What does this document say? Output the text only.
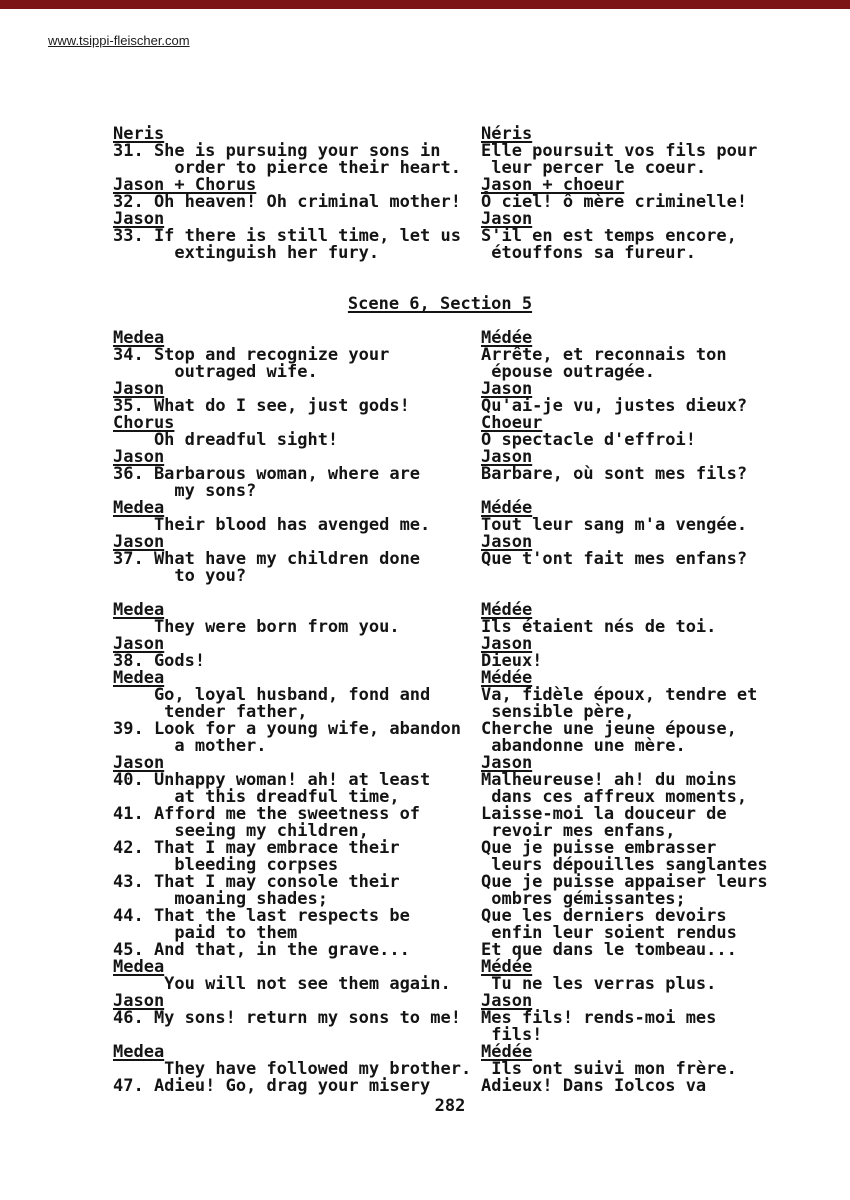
www.tsippi-fleischer.com
Neris
31. She is pursuing your sons in
order to pierce their heart.
Néris
Elle poursuit vos fils pour
leur percer le coeur.
Jason + Chorus
32. Oh heaven! Oh criminal mother!
Jason + choeur
Ô ciel! ô mère criminelle!
Jason
33. If there is still time, let us
extinguish her fury.
Jason
S'il en est temps encore,
étouffons sa fureur.
Scene 6, Section 5
Medea
34. Stop and recognize your
outraged wife.
Médée
Arrête, et reconnais ton
épouse outragée.
Jason
35. What do I see, just gods!
Jason
Qu'ai-je vu, justes dieux?
Chorus
Oh dreadful sight!
Choeur
O spectacle d'effroi!
Jason
36. Barbarous woman, where are
my sons?
Jason
Barbare, où sont mes fils?
Medea
Their blood has avenged me.
Médée
Tout leur sang m'a vengée.
Jason
37. What have my children done
to you?
Jason
Que t'ont fait mes enfans?
Medea
They were born from you.
Médée
Ils étaient nés de toi.
Jason
38. Gods!
Jason
Dieux!
Medea
Go, loyal husband, fond and
tender father,
39. Look for a young wife, abandon
a mother.
Médée
Va, fidèle époux, tendre et
sensible père,
Cherche une jeune épouse,
abandonne une mère.
Jason
40. Unhappy woman! ah! at least
at this dreadful time,
41. Afford me the sweetness of
seeing my children,
42. That I may embrace their
bleeding corpses
43. That I may console their
moaning shades;
44. That the last respects be
paid to them
45. And that, in the grave...
Jason
Malheureuse! ah! du moins
dans ces affreux moments,
Laisse-moi la douceur de
revoir mes enfans,
Que je puisse embrasser
leurs dépouilles sanglantes
Que je puisse appaiser leurs
ombres gémissantes;
Que les derniers devoirs
enfin leur soient rendus
Et que dans le tombeau...
Medea
You will not see them again.
Médée
Tu ne les verras plus.
Jason
46. My sons! return my sons to me!
Jason
Mes fils! rends-moi mes
fils!
Medea
They have followed my brother.
47. Adieu! Go, drag your misery
Médée
Ils ont suivi mon frère.
Adieux! Dans Iolcos va
282
